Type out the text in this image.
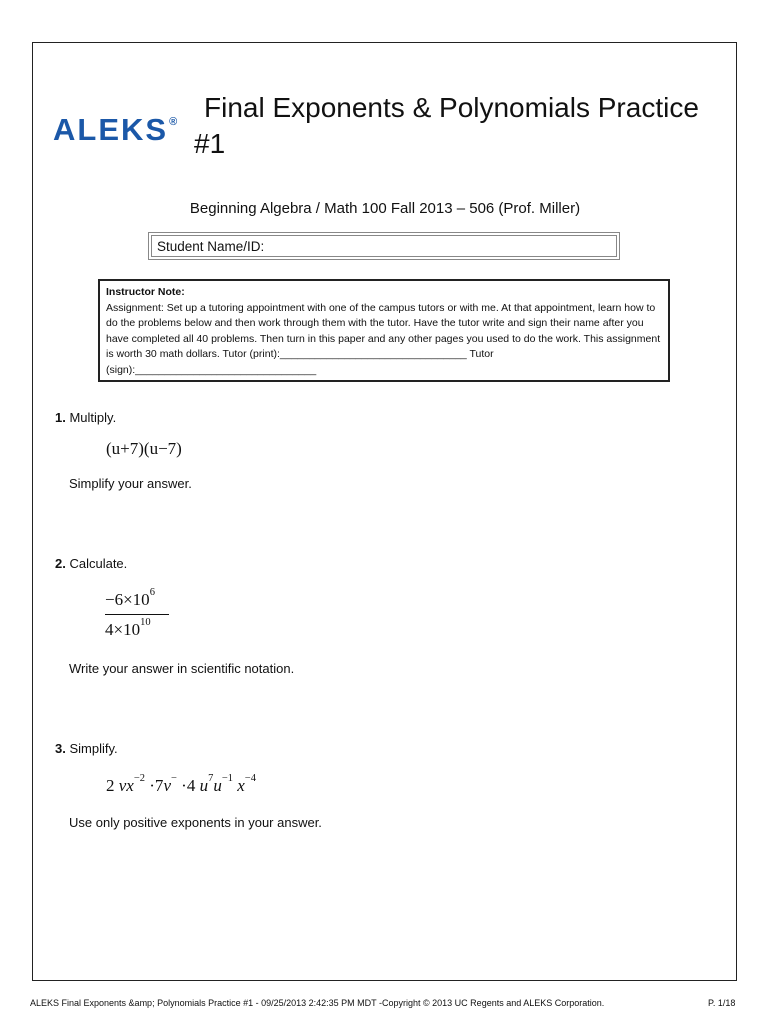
ALEKS® Final Exponents & Polynomials Practice
#1
Beginning Algebra / Math 100 Fall 2013 – 506 (Prof. Miller)
Student Name/ID:
Instructor Note:
Assignment: Set up a tutoring appointment with one of the campus tutors or with me. At that appointment, learn how to do the problems below and then work through them with the tutor. Have the tutor write and sign their name after you have completed all 40 problems. Then turn in this paper and any other pages you used to do the work. This assignment is worth 30 math dollars. Tutor (print):________________________________ Tutor (sign):_______________________________
1. Multiply.
(u+7)(u−7)
Simplify your answer.
2. Calculate.
$-6\times 10^6$
$4\times 10^{10}$
Write your answer in scientific notation.
3. Simplify.
2 $vx^{-2} \cdot 7v^- \cdot 4$ $u^7u^{-1}$ $x^{-4}$
Use only positive exponents in your answer.
ALEKS Final Exponents &amp; Polynomials Practice #1 - 09/25/2013 2:42:35 PM MDT -Copyright © 2013 UC Regents and ALEKS Corporation.	P. 1/18
